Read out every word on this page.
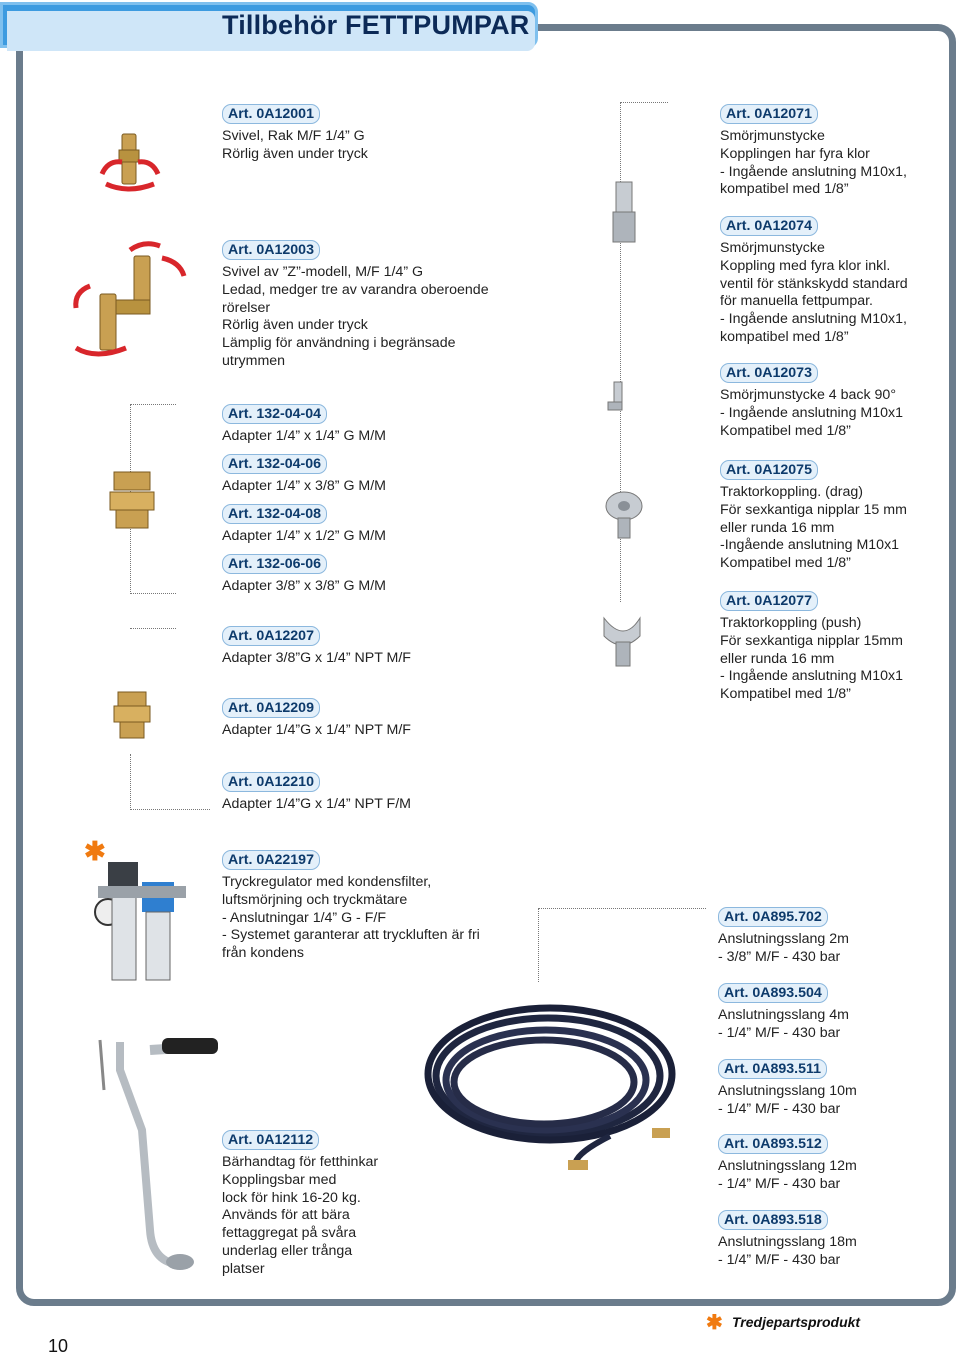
Tillbehör FETTPUMPAR
✱
Art. 0A12001
Svivel, Rak M/F 1/4” G
Rörlig även under tryck
Art. 0A12003
Svivel av ”Z”-modell, M/F 1/4” G
Ledad, medger tre av varandra oberoende
rörelser
Rörlig även under tryck
Lämplig för användning i begränsade
utrymmen
Art. 132-04-04
Adapter 1/4” x 1/4” G M/M
Art. 132-04-06
Adapter 1/4” x 3/8” G M/M
Art. 132-04-08
Adapter 1/4” x 1/2” G M/M
Art. 132-06-06
Adapter 3/8” x 3/8” G M/M
Art. 0A12207
Adapter 3/8”G x 1/4” NPT M/F
Art. 0A12209
Adapter 1/4”G x 1/4” NPT M/F
Art. 0A12210
Adapter 1/4”G x 1/4” NPT F/M
Art. 0A22197
Tryckregulator med kondensfilter,
luftsmörjning och tryckmätare
- Anslutningar 1/4” G - F/F
- Systemet garanterar att tryckluften är fri
från kondens
Art. 0A12112
Bärhandtag för fetthinkar
Kopplingsbar med
lock för hink 16-20 kg.
Används för att bära
fettaggregat på svåra
underlag eller trånga
platser
Art. 0A12071
Smörjmunstycke
Kopplingen har fyra klor
- Ingående anslutning M10x1,
kompatibel med 1/8”
Art. 0A12074
Smörjmunstycke
Koppling med fyra klor inkl.
ventil för stänkskydd standard
för manuella fettpumpar.
- Ingående anslutning M10x1,
kompatibel med 1/8”
Art. 0A12073
Smörjmunstycke 4 back 90°
- Ingående anslutning M10x1
Kompatibel med 1/8”
Art. 0A12075
Traktorkoppling. (drag)
För sexkantiga nipplar 15 mm
eller runda 16 mm
-Ingående anslutning M10x1
Kompatibel med 1/8”
Art. 0A12077
Traktorkoppling (push)
För sexkantiga nipplar 15mm
eller runda 16 mm
- Ingående anslutning M10x1
Kompatibel med 1/8”
Art. 0A895.702
Anslutningsslang 2m
- 3/8” M/F - 430 bar
Art. 0A893.504
Anslutningsslang 4m
- 1/4” M/F - 430 bar
Art. 0A893.511
Anslutningsslang 10m
- 1/4” M/F - 430 bar
Art. 0A893.512
Anslutningsslang 12m
- 1/4” M/F - 430 bar
Art. 0A893.518
Anslutningsslang 18m
- 1/4” M/F - 430 bar
10
✱ Tredjepartsprodukt
